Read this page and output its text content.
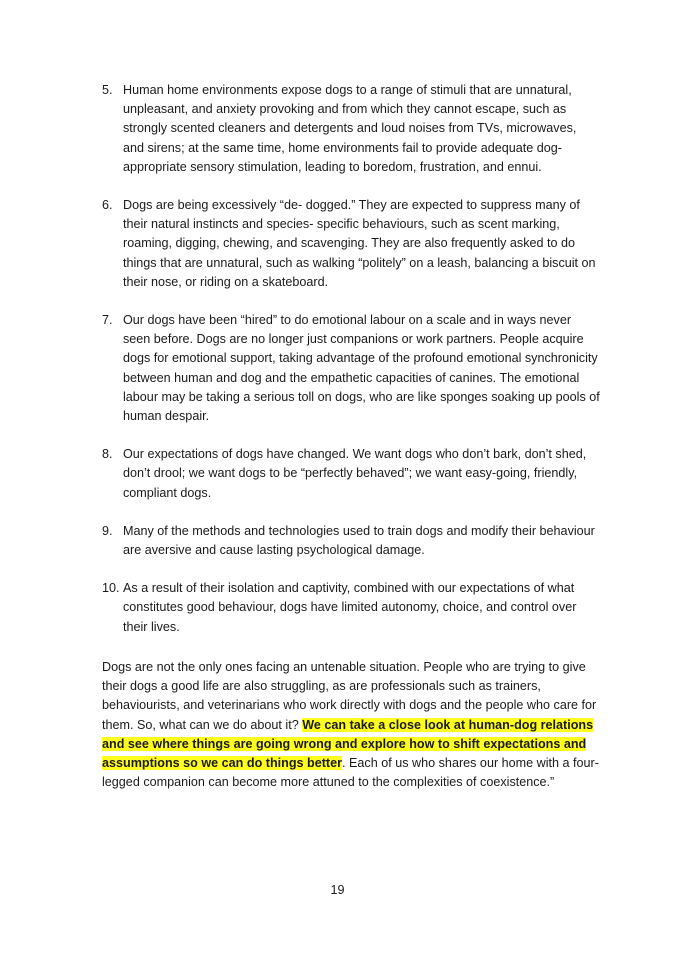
5. Human home environments expose dogs to a range of stimuli that are unnatural, unpleasant, and anxiety provoking and from which they cannot escape, such as strongly scented cleaners and detergents and loud noises from TVs, microwaves, and sirens; at the same time, home environments fail to provide adequate dog-appropriate sensory stimulation, leading to boredom, frustration, and ennui.
6. Dogs are being excessively “de- dogged.” They are expected to suppress many of their natural instincts and species- specific behaviours, such as scent marking, roaming, digging, chewing, and scavenging. They are also frequently asked to do things that are unnatural, such as walking “politely” on a leash, balancing a biscuit on their nose, or riding on a skateboard.
7. Our dogs have been “hired” to do emotional labour on a scale and in ways never seen before. Dogs are no longer just companions or work partners. People acquire dogs for emotional support, taking advantage of the profound emotional synchronicity between human and dog and the empathetic capacities of canines. The emotional labour may be taking a serious toll on dogs, who are like sponges soaking up pools of human despair.
8. Our expectations of dogs have changed. We want dogs who don’t bark, don’t shed, don’t drool; we want dogs to be “perfectly behaved”; we want easy-going, friendly, compliant dogs.
9. Many of the methods and technologies used to train dogs and modify their behaviour are aversive and cause lasting psychological damage.
10. As a result of their isolation and captivity, combined with our expectations of what constitutes good behaviour, dogs have limited autonomy, choice, and control over their lives.

Dogs are not the only ones facing an untenable situation. People who are trying to give their dogs a good life are also struggling, as are professionals such as trainers, behaviourists, and veterinarians who work directly with dogs and the people who care for them. So, what can we do about it? We can take a close look at human-dog relations and see where things are going wrong and explore how to shift expectations and assumptions so we can do things better. Each of us who shares our home with a four- legged companion can become more attuned to the complexities of coexistence.”

19
